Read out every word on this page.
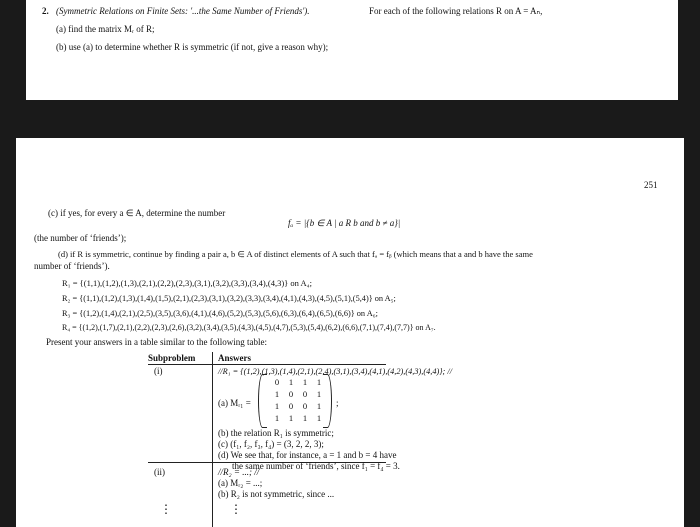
2. (Symmetric Relations on Finite Sets: '...the Same Number of Friends').	For each of the following relations R on A = Aₙ,
(a) find the matrix Mᵣ of R;
(b) use (a) to determine whether R is symmetric (if not, give a reason why);
251
(c) if yes, for every a ∈ A, determine the number
fₐ = |{b ∈ A | a R b and b ≠ a}|
(the number of ‘friends’);
(d) if R is symmetric, continue by finding a pair a, b ∈ A of distinct elements of A such that fₐ = fᵦ (which means that a and b have the same
number of ‘friends’).
R₁ = {(1,1),(1,2),(1,3),(2,1),(2,2),(2,3),(3,1),(3,2),(3,3),(3,4),(4,3)} on A₄;
R₂ = {(1,1),(1,2),(1,3),(1,4),(1,5),(2,1),(2,3),(3,1),(3,2),(3,3),(3,4),(4,1),(4,3),(4,5),(5,1),(5,4)} on A₅;
R₃ = {(1,2),(1,4),(2,1),(2,5),(3,5),(3,6),(4,1),(4,6),(5,2),(5,3),(5,6),(6,3),(6,4),(6,5),(6,6)} on A₆;
R₄ = {(1,2),(1,7),(2,1),(2,2),(2,3),(2,6),(3,2),(3,4),(3,5),(4,3),(4,5),(4,7),(5,3),(5,4),(6,2),(6,6),(7,1),(7,4),(7,7)} on A₇.
Present your answers in a table similar to the following table:
Subproblem	Answers
(i)	//R₁ = {(1,2),(1,3),(1,4),(2,1),(2,4),(3,1),(3,4),(4,1),(4,2),(4,3),(4,4)}; //
(a) Mᵣ₁ =
0	1	1	1
1	0	0	1
1	0	0	1
1	1	1	1
;
(b) the relation R₁ is symmetric;
(c) (f₁, f₂, f₃, f₄) = (3, 2, 2, 3);
(d) We see that, for instance, a = 1 and b = 4 have
the same number of ‘friends’, since f₁ = f₄ = 3.
(ii)	//R₂ = ...; //
(a) Mᵣ₂ = ...;
(b) R₂ is not symmetric, since ...
⋮	⋮
